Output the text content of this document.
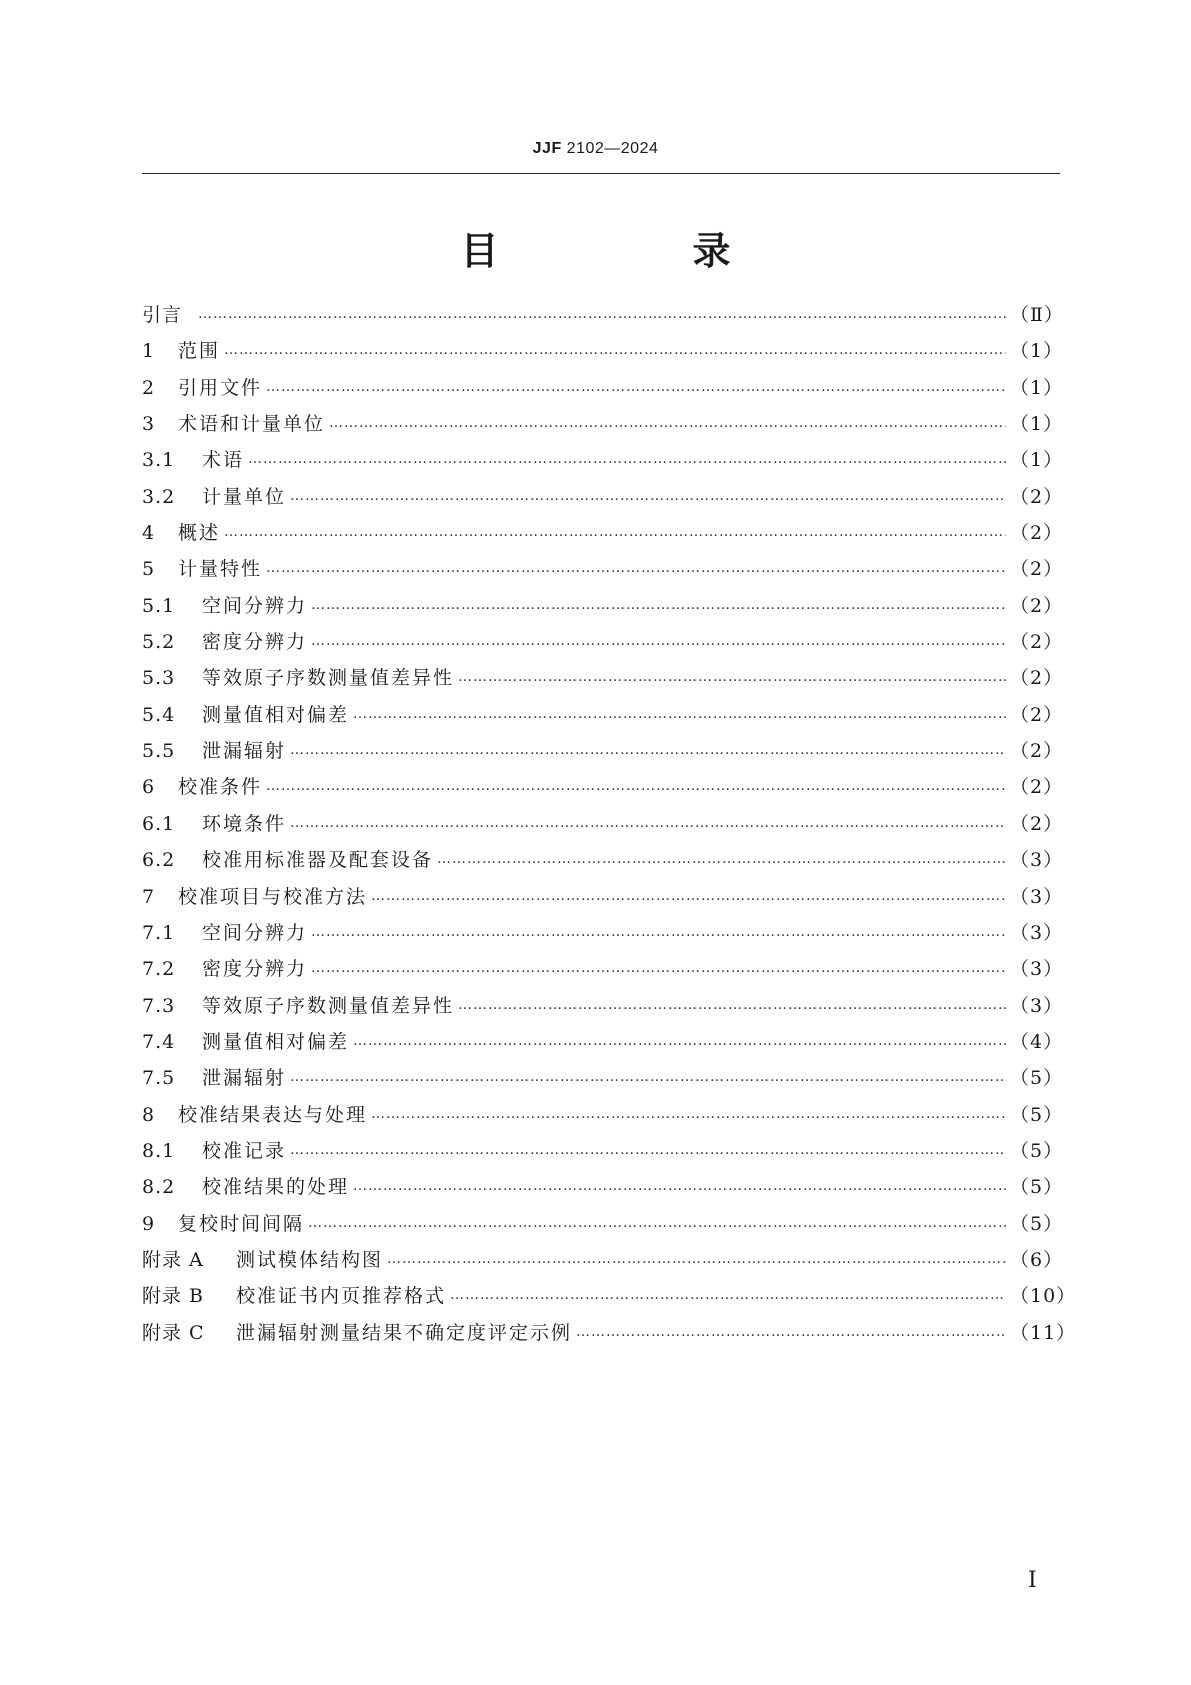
JJF 2102—2024
目　录
引言 ……………………………………………………………………………………………………………………………………………………………………	（Ⅱ）
1	范围 ……………………………………………………………………………………………………………………………………………………………………	（1）
2	引用文件 ……………………………………………………………………………………………………………………………………………………………………	（1）
3	术语和计量单位 ……………………………………………………………………………………………………………………………………………………………………	（1）
3.1	术语 ……………………………………………………………………………………………………………………………………………………………………	（1）
3.2	计量单位 ……………………………………………………………………………………………………………………………………………………………………	（2）
4	概述 ……………………………………………………………………………………………………………………………………………………………………	（2）
5	计量特性 ……………………………………………………………………………………………………………………………………………………………………	（2）
5.1	空间分辨力 ……………………………………………………………………………………………………………………………………………………………………	（2）
5.2	密度分辨力 ……………………………………………………………………………………………………………………………………………………………………	（2）
5.3	等效原子序数测量值差异性 ……………………………………………………………………………………………………………………………………………………………………	（2）
5.4	测量值相对偏差 ……………………………………………………………………………………………………………………………………………………………………	（2）
5.5	泄漏辐射 ……………………………………………………………………………………………………………………………………………………………………	（2）
6	校准条件 ……………………………………………………………………………………………………………………………………………………………………	（2）
6.1	环境条件 ……………………………………………………………………………………………………………………………………………………………………	（2）
6.2	校准用标准器及配套设备 ……………………………………………………………………………………………………………………………………………………………………	（3）
7	校准项目与校准方法 ……………………………………………………………………………………………………………………………………………………………………	（3）
7.1	空间分辨力 ……………………………………………………………………………………………………………………………………………………………………	（3）
7.2	密度分辨力 ……………………………………………………………………………………………………………………………………………………………………	（3）
7.3	等效原子序数测量值差异性 ……………………………………………………………………………………………………………………………………………………………………	（3）
7.4	测量值相对偏差 ……………………………………………………………………………………………………………………………………………………………………	（4）
7.5	泄漏辐射 ……………………………………………………………………………………………………………………………………………………………………	（5）
8	校准结果表达与处理 ……………………………………………………………………………………………………………………………………………………………………	（5）
8.1	校准记录 ……………………………………………………………………………………………………………………………………………………………………	（5）
8.2	校准结果的处理 ……………………………………………………………………………………………………………………………………………………………………	（5）
9	复校时间间隔 ……………………………………………………………………………………………………………………………………………………………………	（5）
附录 A	测试模体结构图 ……………………………………………………………………………………………………………………………………………………………………	（6）
附录 B	校准证书内页推荐格式 ……………………………………………………………………………………………………………………………………………………………………	（10）
附录 C	泄漏辐射测量结果不确定度评定示例 ……………………………………………………………………………………………………………………………………………………………………	（11）
I
